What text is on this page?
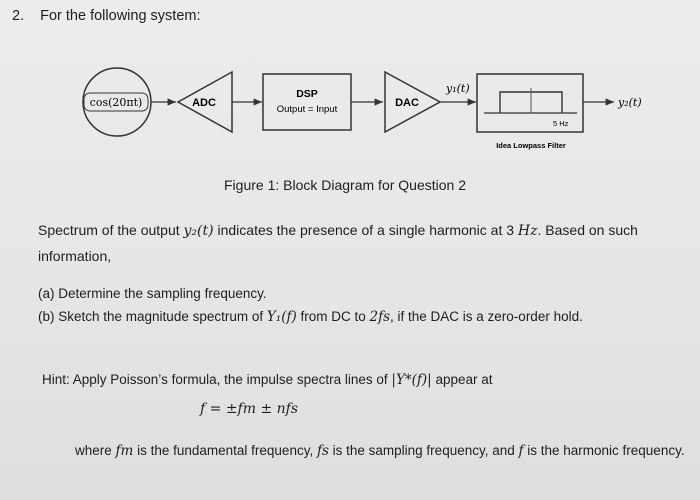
2. For the following system:
cos(20πt)	ADC
DSP
Output = Input
DAC
y₁(t)
5 Hz
Idea Lowpass Filter
y₂(t)
Figure 1: Block Diagram for Question 2
Spectrum of the output y₂(t) indicates the presence of a single harmonic at 3 Hz. Based on such information,
(a) Determine the sampling frequency.
(b) Sketch the magnitude spectrum of Y₁(f) from DC to 2fs, if the DAC is a zero-order hold.
Hint: Apply Poisson’s formula, the impulse spectra lines of |Y*(f)| appear at
f = ±fm ± nfs
where fm is the fundamental frequency, fs is the sampling frequency, and f is the harmonic frequency.
